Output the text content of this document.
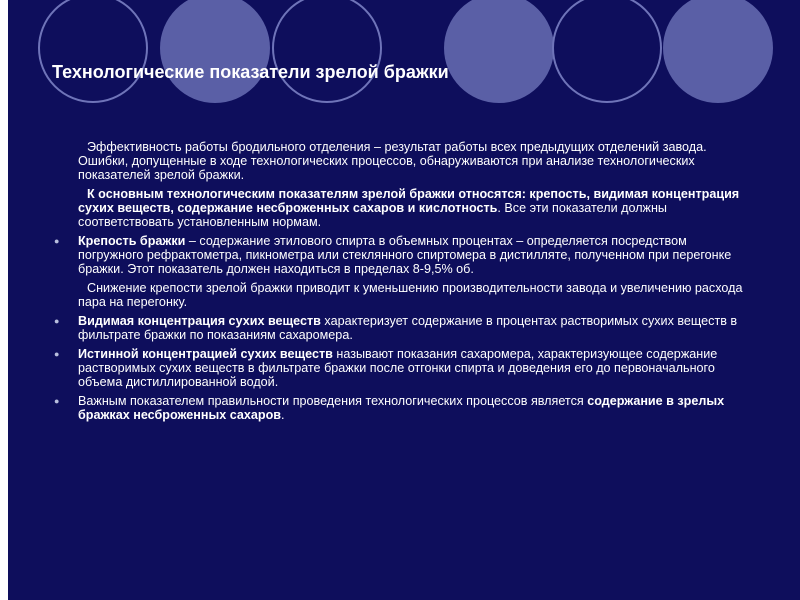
Технологические показатели зрелой бражки

Эффективность работы бродильного отделения – результат работы всех предыдущих отделений завода. Ошибки, допущенные в ходе технологических процессов, обнаруживаются при анализе технологических показателей зрелой бражки.

К основным технологическим показателям зрелой бражки относятся: крепость, видимая концентрация сухих веществ, содержание несброженных сахаров и кислотность. Все эти показатели должны соответствовать установленным нормам.

● Крепость бражки – содержание этилового спирта в объемных процентах – определяется посредством погружного рефрактометра, пикнометра или стеклянного спиртомера в дистилляте, полученном при перегонке бражки. Этот показатель должен находиться в пределах 8-9,5% об.

Снижение крепости зрелой бражки приводит к уменьшению производительности завода и увеличению расхода пара на перегонку.

● Видимая концентрация сухих веществ характеризует содержание в процентах растворимых сухих веществ в фильтрате бражки по показаниям сахаромера.
● Истинной концентрацией сухих веществ называют показания сахаромера, характеризующее содержание растворимых сухих веществ в фильтрате бражки после отгонки спирта и доведения его до первоначального объема дистиллированной водой.
● Важным показателем правильности проведения технологических процессов является содержание в зрелых бражках несброженных сахаров.
